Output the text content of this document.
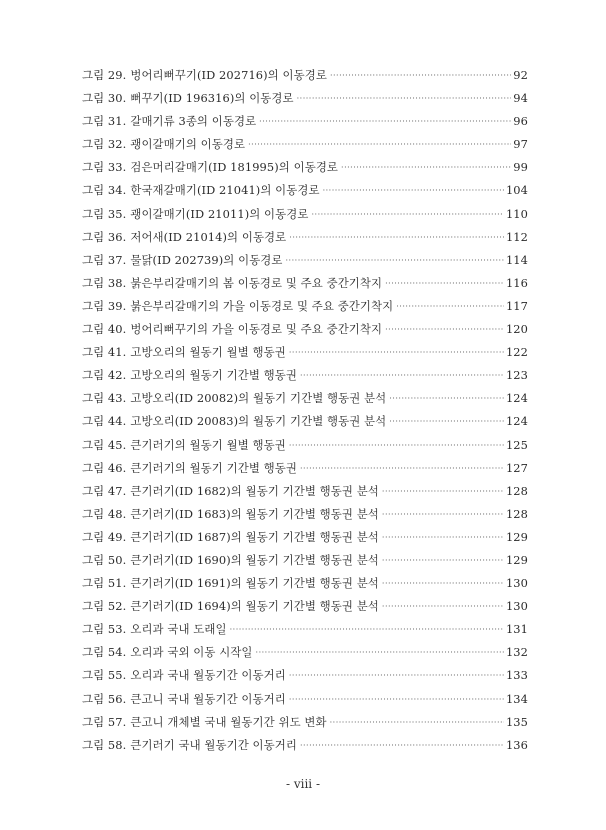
그림 29. 벙어리뻐꾸기(ID 202716)의 이동경로 ·····	92
그림 30. 뻐꾸기(ID 196316)의 이동경로 ·····	94
그림 31. 갈매기류 3종의 이동경로 ·····	96
그림 32. 괭이갈매기의 이동경로 ·····	97
그림 33. 검은머리갈매기(ID 181995)의 이동경로 ·····	99
그림 34. 한국재갈매기(ID 21041)의 이동경로 ·····	104
그림 35. 괭이갈매기(ID 21011)의 이동경로 ·····	110
그림 36. 저어새(ID 21014)의 이동경로 ·····	112
그림 37. 물닭(ID 202739)의 이동경로 ·····	114
그림 38. 붉은부리갈매기의 봄 이동경로 및 주요 중간기착지 ·····	116
그림 39. 붉은부리갈매기의 가을 이동경로 및 주요 중간기착지 ·····	117
그림 40. 벙어리뻐꾸기의 가을 이동경로 및 주요 중간기착지 ·····	120
그림 41. 고방오리의 월동기 월별 행동권 ·····	122
그림 42. 고방오리의 월동기 기간별 행동권 ·····	123
그림 43. 고방오리(ID 20082)의 월동기 기간별 행동권 분석 ·····	124
그림 44. 고방오리(ID 20083)의 월동기 기간별 행동권 분석 ·····	124
그림 45. 큰기러기의 월동기 월별 행동권 ·····	125
그림 46. 큰기러기의 월동기 기간별 행동권 ·····	127
그림 47. 큰기러기(ID 1682)의 월동기 기간별 행동권 분석 ·····	128
그림 48. 큰기러기(ID 1683)의 월동기 기간별 행동권 분석 ·····	128
그림 49. 큰기러기(ID 1687)의 월동기 기간별 행동권 분석 ·····	129
그림 50. 큰기러기(ID 1690)의 월동기 기간별 행동권 분석 ·····	129
그림 51. 큰기러기(ID 1691)의 월동기 기간별 행동권 분석 ·····	130
그림 52. 큰기러기(ID 1694)의 월동기 기간별 행동권 분석 ·····	130
그림 53. 오리과 국내 도래일 ·····	131
그림 54. 오리과 국외 이동 시작일 ·····	132
그림 55. 오리과 국내 월동기간 이동거리 ·····	133
그림 56. 큰고니 국내 월동기간 이동거리 ·····	134
그림 57. 큰고니 개체별 국내 월동기간 위도 변화 ·····	135
그림 58. 큰기러기 국내 월동기간 이동거리 ·····	136
- viii -
